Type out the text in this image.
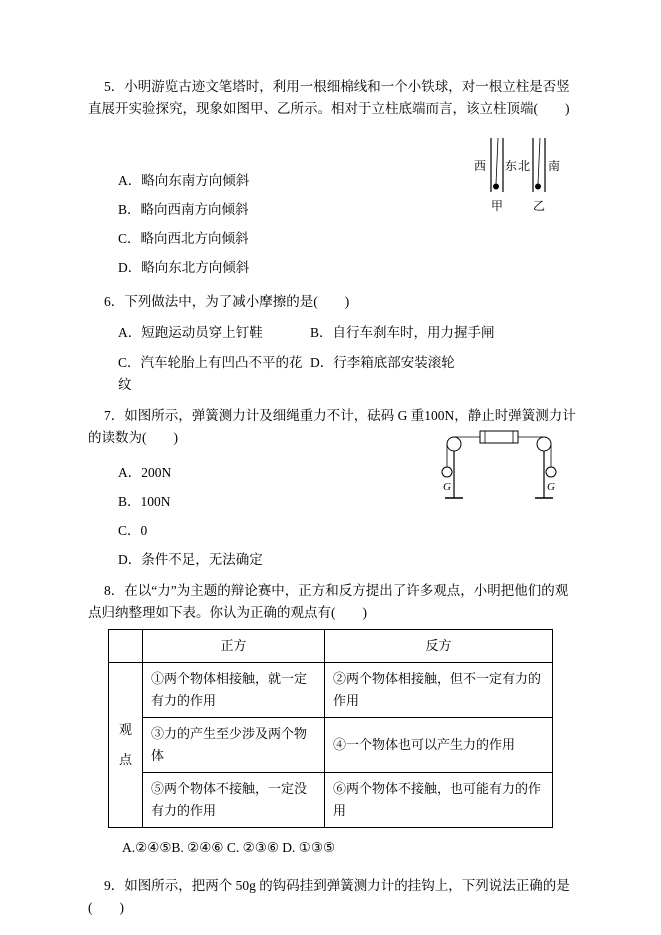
西 东 北 南
甲 乙
G	G

5．小明游览古迹文笔塔时，利用一根细棉线和一个小铁球，对一根立柱是否竖直展开实验探究，现象如图甲、乙所示。相对于立柱底端而言，该立柱顶端(　　)

A．略向东南方向倾斜
B．略向西南方向倾斜
C．略向西北方向倾斜
D．略向东北方向倾斜

6．下列做法中，为了减小摩擦的是(　　)

A．短跑运动员穿上钉鞋	B．自行车刹车时，用力握手闸
C．汽车轮胎上有凹凸不平的花纹
D．行李箱底部安装滚轮

7．如图所示，弹簧测力计及细绳重力不计，砝码 G 重100N，静止时弹簧测力计的读数为(　　)

A．200N
B．100N
C．0
D．条件不足，无法确定

8．在以“力”为主题的辩论赛中，正方和反方提出了许多观点，小明把他们的观点归纳整理如下表。你认为正确的观点有(　　)

	正方	反方
观点	①两个物体相接触，就一定有力的作用	②两个物体相接触，但不一定有力的作用
	③力的产生至少涉及两个物体	④一个物体也可以产生力的作用
	⑤两个物体不接触，一定没有力的作用	⑥两个物体不接触，也可能有力的作用

A.②④⑤B. ②④⑥ C. ②③⑥ D. ①③⑤

9．如图所示，把两个 50g 的钩码挂到弹簧测力计的挂钩上，下列说法正确的是(　　)
